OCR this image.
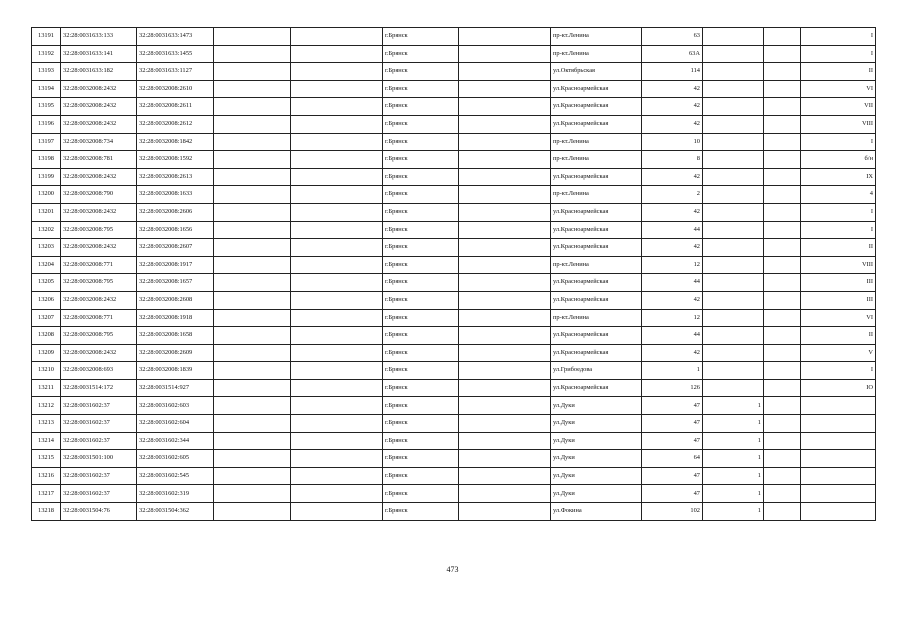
13191	32:28:0031633:133	32:28:0031633:1473			г.Брянск		пр-кт.Ленина	63			I
13192	32:28:0031633:141	32:28:0031633:1455			г.Брянск		пр-кт.Ленина	63А			I
13193	32:28:0031633:182	32:28:0031633:1127			г.Брянск		ул.Октябрьская	114			II
13194	32:28:0032008:2432	32:28:0032008:2610			г.Брянск		ул.Красноармейская	42			VI
13195	32:28:0032008:2432	32:28:0032008:2611			г.Брянск		ул.Красноармейская	42			VII
13196	32:28:0032008:2432	32:28:0032008:2612			г.Брянск		ул.Красноармейская	42			VIII
13197	32:28:0032008:734	32:28:0032008:1842			г.Брянск		пр-кт.Ленина	10			I
13198	32:28:0032008:781	32:28:0032008:1592			г.Брянск		пр-кт.Ленина	8			б/н
13199	32:28:0032008:2432	32:28:0032008:2613			г.Брянск		ул.Красноармейская	42			IX
13200	32:28:0032008:790	32:28:0032008:1633			г.Брянск		пр-кт.Ленина	2			4
13201	32:28:0032008:2432	32:28:0032008:2606			г.Брянск		ул.Красноармейская	42			I
13202	32:28:0032008:795	32:28:0032008:1656			г.Брянск		ул.Красноармейская	44			I
13203	32:28:0032008:2432	32:28:0032008:2607			г.Брянск		ул.Красноармейская	42			II
13204	32:28:0032008:771	32:28:0032008:1917			г.Брянск		пр-кт.Ленина	12			VIII
13205	32:28:0032008:795	32:28:0032008:1657			г.Брянск		ул.Красноармейская	44			III
13206	32:28:0032008:2432	32:28:0032008:2608			г.Брянск		ул.Красноармейская	42			III
13207	32:28:0032008:771	32:28:0032008:1918			г.Брянск		пр-кт.Ленина	12			VI
13208	32:28:0032008:795	32:28:0032008:1658			г.Брянск		ул.Красноармейская	44			II
13209	32:28:0032008:2432	32:28:0032008:2609			г.Брянск		ул.Красноармейская	42			V
13210	32:28:0032008:693	32:28:0032008:1839			г.Брянск		ул.Грибоедова	1			I
13211	32:28:0031514:172	32:28:0031514:927			г.Брянск		ул.Красноармейская	126			IO
13212	32:28:0031602:37	32:28:0031602:603			г.Брянск		ул.Дуки	47	1		
13213	32:28:0031602:37	32:28:0031602:604			г.Брянск		ул.Дуки	47	1		
13214	32:28:0031602:37	32:28:0031602:344			г.Брянск		ул.Дуки	47	1		
13215	32:28:0031501:100	32:28:0031602:605			г.Брянск		ул.Дуки	64	1		
13216	32:28:0031602:37	32:28:0031602:545			г.Брянск		ул.Дуки	47	1		
13217	32:28:0031602:37	32:28:0031602:319			г.Брянск		ул.Дуки	47	1		
13218	32:28:0031504:76	32:28:0031504:362			г.Брянск		ул.Фокина	102	1		
473
